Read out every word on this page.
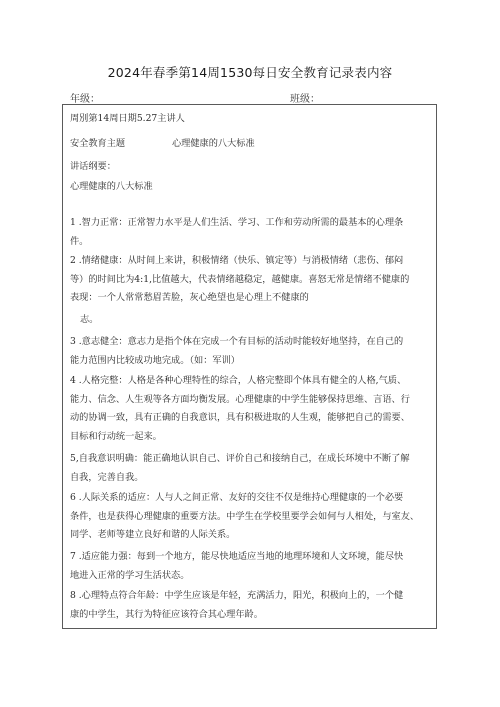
2024年春季第14周1530每日安全教育记录表内容
年级：	班级：
周別第14周日期5.27主讲人
安全教育主题	心理健康的八大标准
讲话纲要：
心理健康的八大标准
1 .智力正常：正常智力水平是人们生活、学习、工作和劳动所需的最基本的心理条
件。
2 .情绪健康：从时间上来讲，积极情绪（快乐、镇定等）与消极情绪（悲伤、郁闷
等）的时间比为4:1,比值越大，代表情绪越稳定，越健康。喜怒无常是情绪不健康的
表现：一个人常常愁眉苦脸，灰心绝望也是心理上不健康的
志。
3 .意志健全：意志力是指个体在完成一个有目标的活动时能较好地坚持，在自己的
能力范围内比较成功地完成。（如：军训）
4 .人格完整：人格是各种心理特性的综合，人格完整即个体具有健全的人格,气质、
能力、信念、人生观等各方面均衡发展。心理健康的中学生能够保持思维、言语、行
动的协调一致，具有正确的自我意识，具有积极进取的人生观，能够把自己的需要、
目标和行动统一起来。
5,自我意识明确：能正确地认识自己、评价自己和接纳自己，在成长环境中不断了解
自我，完善自我。
6 .人际关系的适应：人与人之间正常、友好的交往不仅是维持心理健康的一个必要
条件，也是获得心理健康的重要方法。中学生在学校里要学会如何与人相处，与室友、
同学、老师等建立良好和谐的人际关系。
7 .适应能力强：每到一个地方，能尽快地适应当地的地理环境和人文环境，能尽快
地进入正常的学习生活状态。
8 .心理特点符合年龄：中学生应该是年轻，充满活力，阳光，积极向上的，一个健
康的中学生，其行为特征应该符合其心理年龄。
